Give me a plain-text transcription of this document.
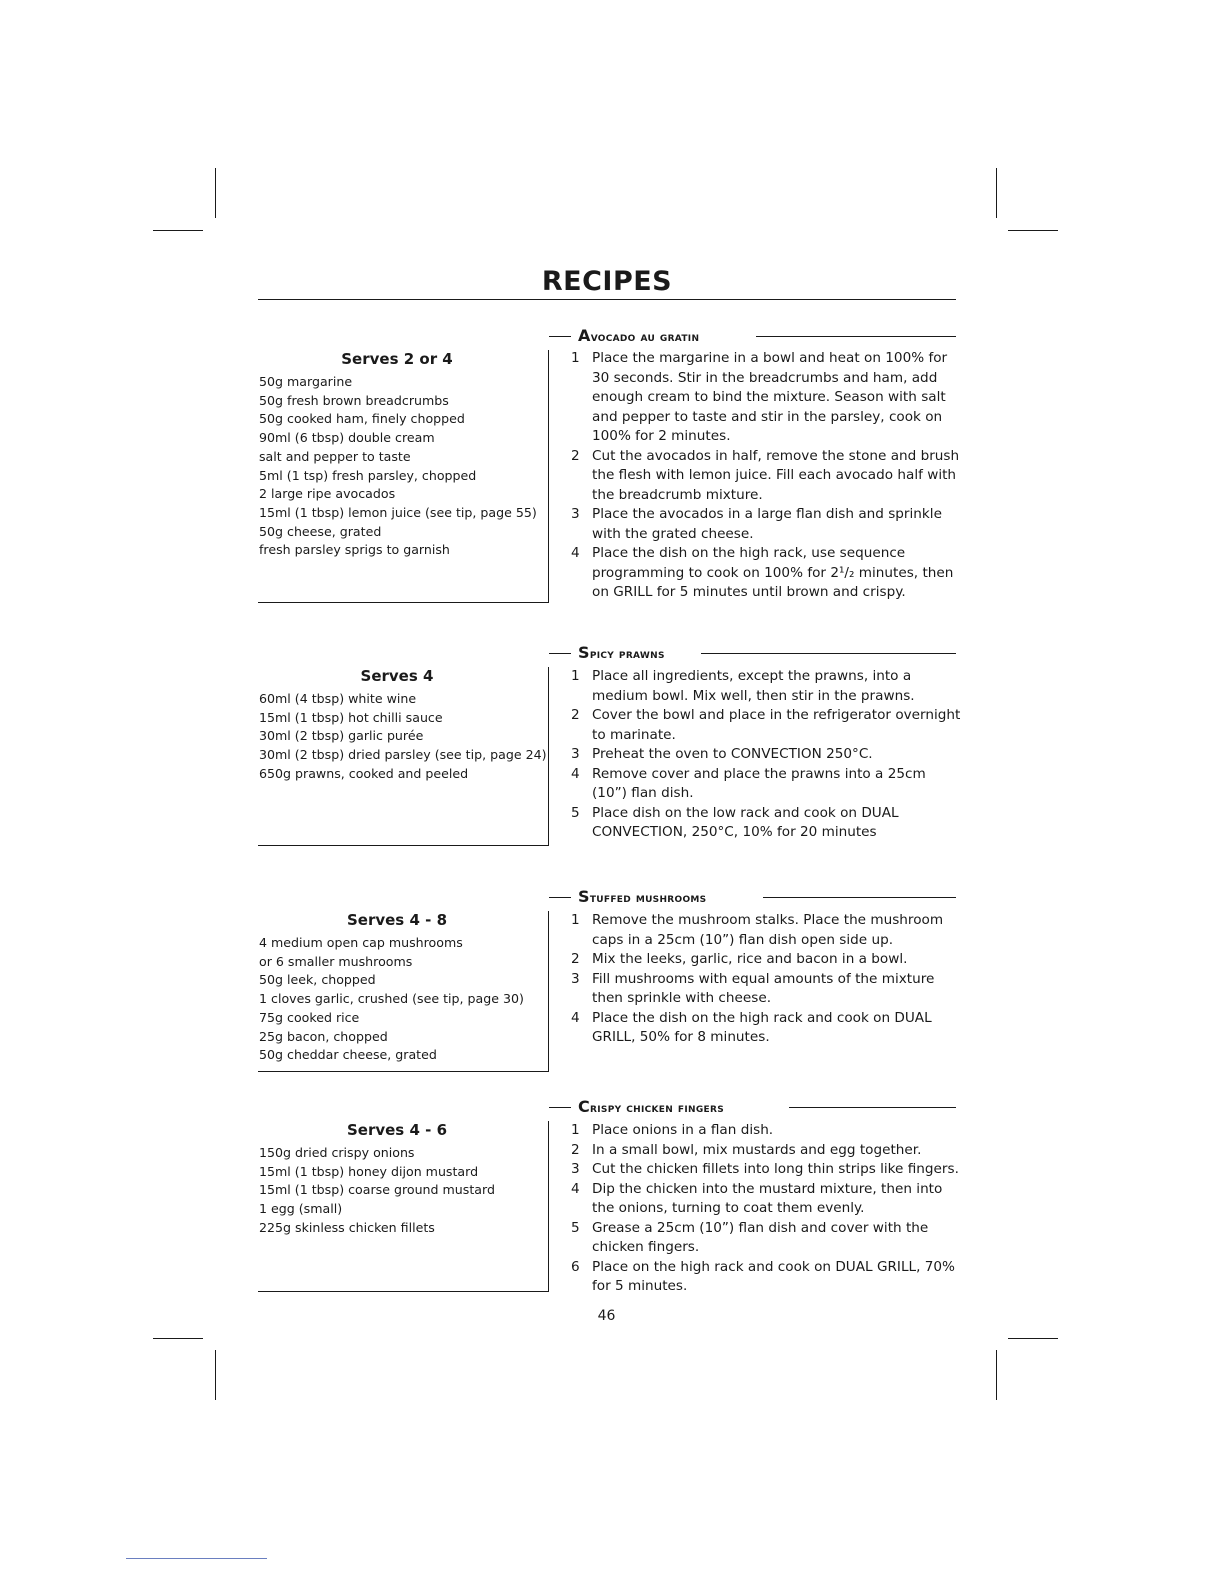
RECIPES
Avocado au gratin
Serves 2 or 4
50g margarine
50g fresh brown breadcrumbs
50g cooked ham, finely chopped
90ml (6 tbsp) double cream
salt and pepper to taste
5ml (1 tsp) fresh parsley, chopped
2 large ripe avocados
15ml (1 tbsp) lemon juice (see tip, page 55)
50g cheese, grated
fresh parsley sprigs to garnish
1 Place the margarine in a bowl and heat on 100% for 30 seconds. Stir in the breadcrumbs and ham, add enough cream to bind the mixture. Season with salt and pepper to taste and stir in the parsley, cook on 100% for 2 minutes.
2 Cut the avocados in half, remove the stone and brush the flesh with lemon juice. Fill each avocado half with the breadcrumb mixture.
3 Place the avocados in a large flan dish and sprinkle with the grated cheese.
4 Place the dish on the high rack, use sequence programming to cook on 100% for 2¹/₂ minutes, then on GRILL for 5 minutes until brown and crispy.
Spicy prawns
Serves 4
60ml (4 tbsp) white wine
15ml (1 tbsp) hot chilli sauce
30ml (2 tbsp) garlic purée
30ml (2 tbsp) dried parsley (see tip, page 24)
650g prawns, cooked and peeled
1 Place all ingredients, except the prawns, into a medium bowl. Mix well, then stir in the prawns.
2 Cover the bowl and place in the refrigerator overnight to marinate.
3 Preheat the oven to CONVECTION 250°C.
4 Remove cover and place the prawns into a 25cm (10”) flan dish.
5 Place dish on the low rack and cook on DUAL CONVECTION, 250°C, 10% for 20 minutes
Stuffed mushrooms
Serves 4 - 8
4 medium open cap mushrooms
or 6 smaller mushrooms
50g leek, chopped
1 cloves garlic, crushed (see tip, page 30)
75g cooked rice
25g bacon, chopped
50g cheddar cheese, grated
1 Remove the mushroom stalks. Place the mushroom caps in a 25cm (10”) flan dish open side up.
2 Mix the leeks, garlic, rice and bacon in a bowl.
3 Fill mushrooms with equal amounts of the mixture then sprinkle with cheese.
4 Place the dish on the high rack and cook on DUAL GRILL, 50% for 8 minutes.
Crispy chicken fingers
Serves 4 - 6
150g dried crispy onions
15ml (1 tbsp) honey dijon mustard
15ml (1 tbsp) coarse ground mustard
1 egg (small)
225g skinless chicken fillets
1 Place onions in a flan dish.
2 In a small bowl, mix mustards and egg together.
3 Cut the chicken fillets into long thin strips like fingers.
4 Dip the chicken into the mustard mixture, then into the onions, turning to coat them evenly.
5 Grease a 25cm (10”) flan dish and cover with the chicken fingers.
6 Place on the high rack and cook on DUAL GRILL, 70% for 5 minutes.
46
